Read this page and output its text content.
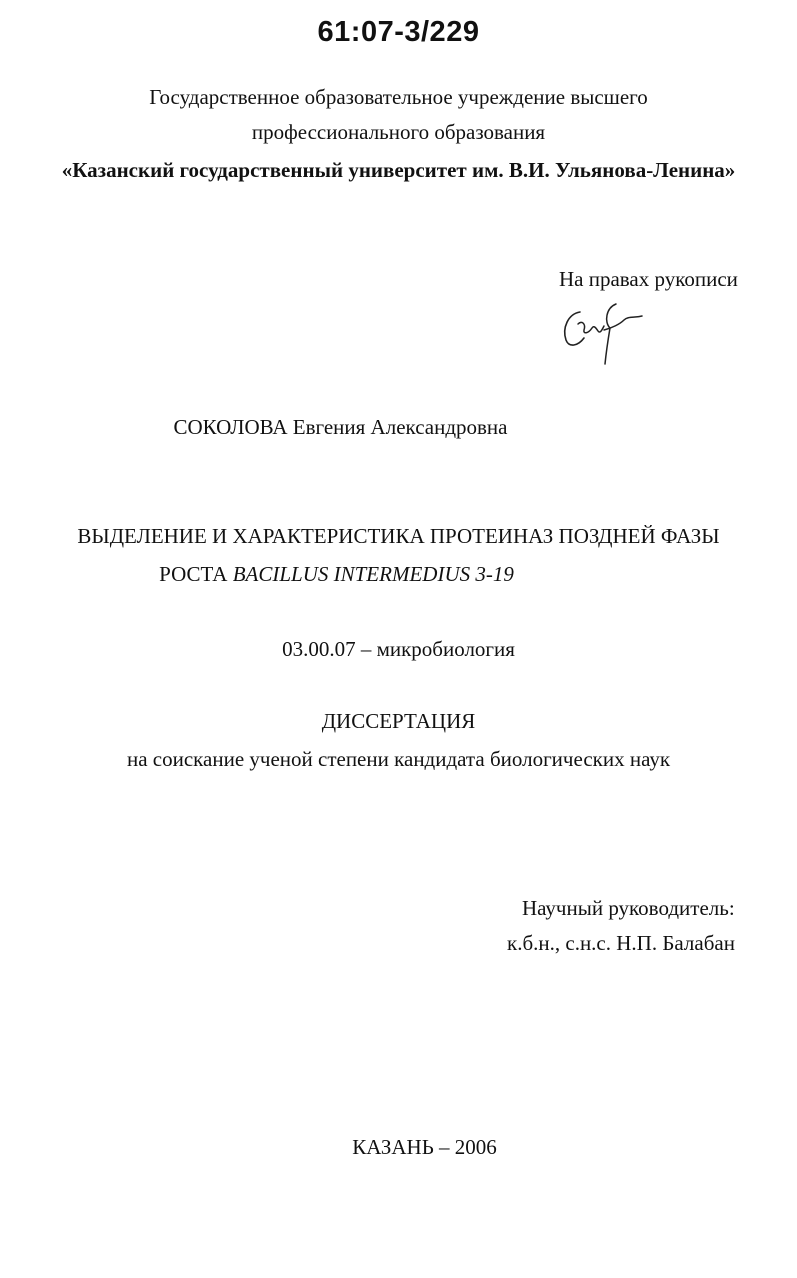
61:07-3/229
Государственное образовательное учреждение высшего
профессионального образования
«Казанский государственный университет им. В.И. Ульянова-Ленина»
На правах рукописи
СОКОЛОВА Евгения Александровна
ВЫДЕЛЕНИЕ И ХАРАКТЕРИСТИКА ПРОТЕИНАЗ ПОЗДНЕЙ ФАЗЫ
РОСТА BACILLUS INTERMEDIUS 3-19
03.00.07 – микробиология
ДИССЕРТАЦИЯ
на соискание ученой степени кандидата биологических наук
Научный руководитель:
к.б.н., с.н.с. Н.П. Балабан
КАЗАНЬ – 2006
